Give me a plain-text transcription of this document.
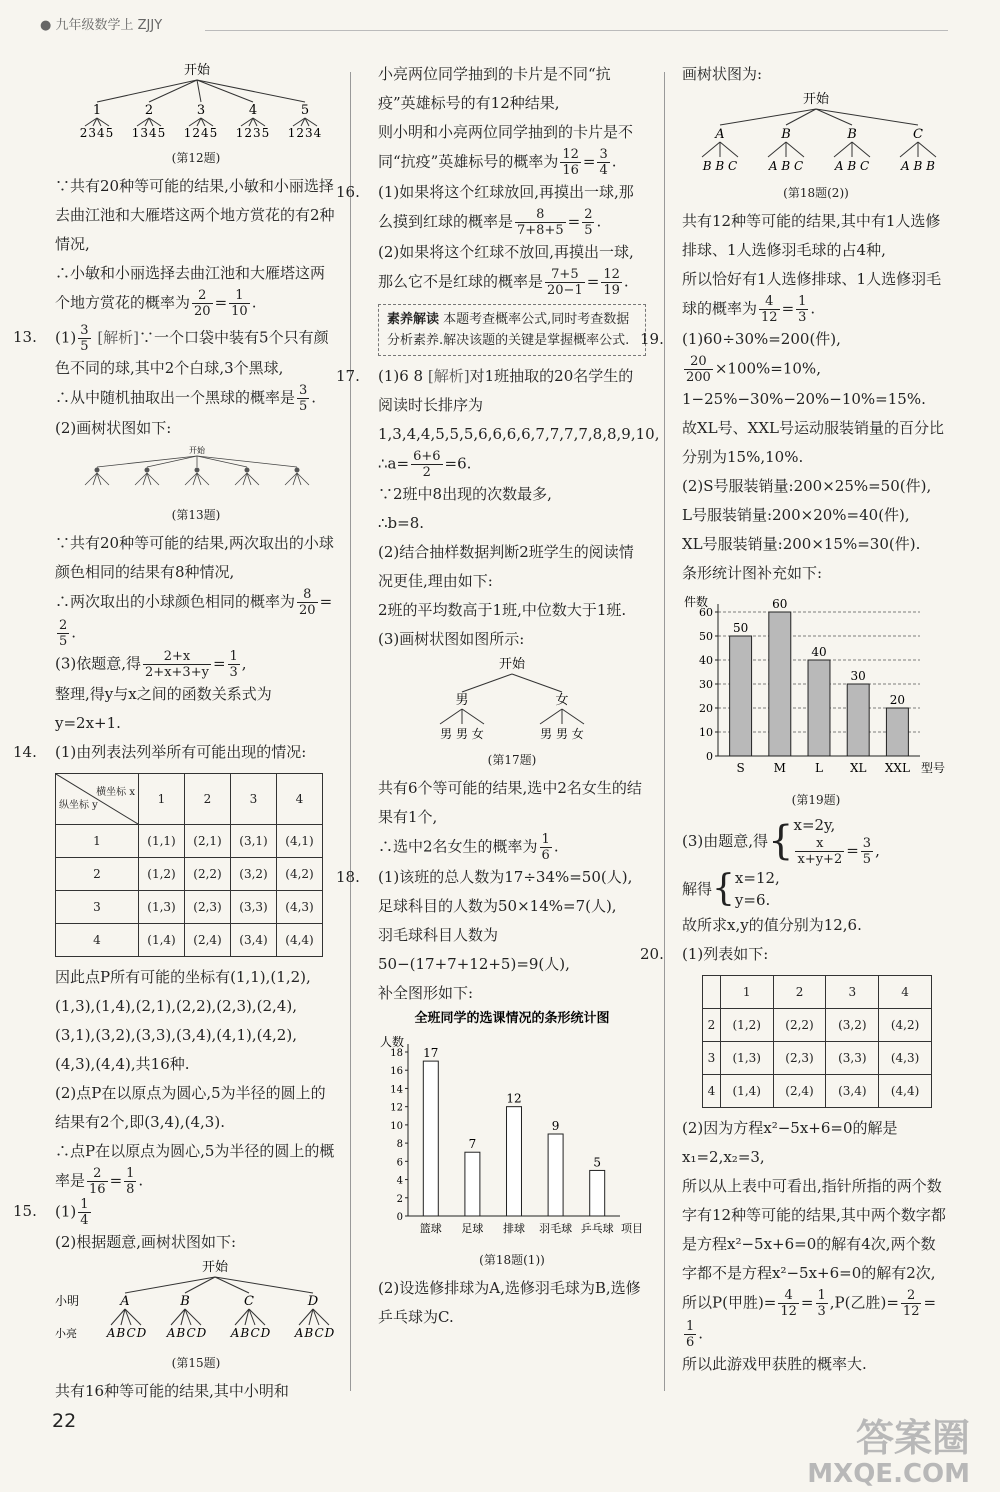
● 九年级数学上 ZJJY
开始
1	2	3	4	5
2345 1345 1245 1235 1234
(第12题)

∵共有20种等可能的结果,小敏和小丽选择去曲江池和大雁塔这两个地方赏花的有2种情况,

∴小敏和小丽选择去曲江池和大雁塔这两个地方赏花的概率为 $\frac{2}{20} = \frac{1}{10}$ .

13. $(1) \frac{3}{5}$ [解析]∵一个口袋中装有5个只有颜色不同的球,其中2个白球,3个黑球,

∴从中随机抽取出一个黑球的概率是 $\frac{3}{5}$ .

(2)画树状图如下:

开始
(第13题)

∵共有20种等可能的结果,两次取出的小球颜色相同的结果有8种情况,

∴两次取出的小球颜色相同的概率为 $\frac{8}{20}$ =
$\frac{2}{5}$ .

(3)依题意,得 $\frac{2+x}{2+x+3+y} = \frac{1}{3}$ ,

整理,得y与x之间的函数关系式为y=2x+1.

14. (1)由列表法列举所有可能出现的情况:

横坐标 x
纵坐标 y	1	2	3	4
1	(1,1)	(2,1)	(3,1)	(4,1)
2	(1,2)	(2,2)	(3,2)	(4,2)
3	(1,3)	(2,3)	(3,3)	(4,3)
4	(1,4)	(2,4)	(3,4)	(4,4)

因此点P所有可能的坐标有(1,1),(1,2),(1,3),(1,4),(2,1),(2,2),(2,3),(2,4),(3,1),(3,2),(3,3),(3,4),(4,1),(4,2),(4,3),(4,4),共16种.

(2)点P在以原点为圆心,5为半径的圆上的结果有2个,即(3,4),(4,3).

∴点P在以原点为圆心,5为半径的圆上的概率是 $\frac{2}{16} = \frac{1}{8}$ .

15. $(1) \frac{1}{4}$

(2)根据题意,画树状图如下:

开始
小明
小亮
A	B	C	D
ABCD ABCD ABCD ABCD
(第15题)

共有16种等可能的结果,其中小明和

小亮两位同学抽到的卡片是不同“抗疫”英雄标号的有12种结果,

则小明和小亮两位同学抽到的卡片是不同“抗疫”英雄标号的概率为 $\frac{12}{16} = \frac{3}{4}$ .

16. (1)如果将这个红球放回,再摸出一球,那么摸到红球的概率是 $\frac{8}{7+8+5} = \frac{2}{5}$ .

(2)如果将这个红球不放回,再摸出一球,那么它不是红球的概率是 $\frac{7+5}{20-1} = \frac{12}{19}$ .

素养解读 本题考查概率公式,同时考查数据分析素养.解决该题的关键是掌握概率公式.

17. (1)6 8 [解析]对1班抽取的20名学生的阅读时长排序为1,3,4,4,5,5,5,6,6,6,6,7,7,7,7,8,8,9,10,

∴a= $\frac{6+6}{2} =6$.

∵2班中8出现的次数最多,

∴b=8.

(2)结合抽样数据判断2班学生的阅读情况更佳,理由如下:

2班的平均数高于1班,中位数大于1班.

(3)画树状图如图所示:

开始
男	女
男 男 女	男 男 女
(第17题)

共有6个等可能的结果,选中2名女生的结果有1个,

∴选中2名女生的概率为 $\frac{1}{6}$ .

18. (1)该班的总人数为17÷34%=50(人),

足球科目的人数为50×14%=7(人),

羽毛球科目人数为50−(17+7+12+5)=9(人),

补全图形如下:

全班同学的选课情况的条形统计图
人数
0
2
4
6
8
10
12
14
16
18 17
篮球
7
足球
12
排球
9
羽毛球
5
乒乓球 项目
(第18题(1))

(2)设选修排球为A,选修羽毛球为B,选修乒乓球为C.

画树状图为:

开始
A	B	B	C
B B C	A B C	A B C	A B B
(第18题(2))

共有12种等可能的结果,其中有1人选修排球、1人选修羽毛球的占4种,

所以恰好有1人选修排球、1人选修羽毛球的概率为 $\frac{4}{12} = \frac{1}{3}$ .

19. (1)60÷30%=200(件),

$\frac{20}{200} \times 100\%=10\%$,

1−25%−30%−20%−10%=15%.

故XL号、XXL号运动服装销量的百分比分别为15%,10%.

(2)S号服装销量:200×25%=50(件),

L号服装销量:200×20%=40(件),

XL号服装销量:200×15%=30(件).

条形统计图补充如下:

件数
0
10
20
30
40
50
60
50
S
60
M
40
L
30
XL
20
XXL 型号
(第19题)
(3)由题意,得 { x=2y,
$\frac{x}{x+y+2} = \frac{3}{5}$ ,
解得 { x=12,
y=6.

故所求x,y的值分别为12,6.

20. (1)列表如下:

	1	2	3	4
2	(1,2)	(2,2)	(3,2)	(4,2)
3	(1,3)	(2,3)	(3,3)	(4,3)
4	(1,4)	(2,4)	(3,4)	(4,4)

(2)因为方程x²−5x+6=0的解是x₁=2,x₂=3,

所以从上表中可看出,指针所指的两个数字有12种等可能的结果,其中两个数字都是方程x²−5x+6=0的解有4次,两个数字都不是方程x²−5x+6=0的解有2次,

所以P(甲胜)= $\frac{4}{12} = \frac{1}{3} ,P$(乙胜)= $\frac{2}{12}$ =
$\frac{1}{6}$ .

所以此游戏甲获胜的概率大.

22	答案圈
MXQE.COM
